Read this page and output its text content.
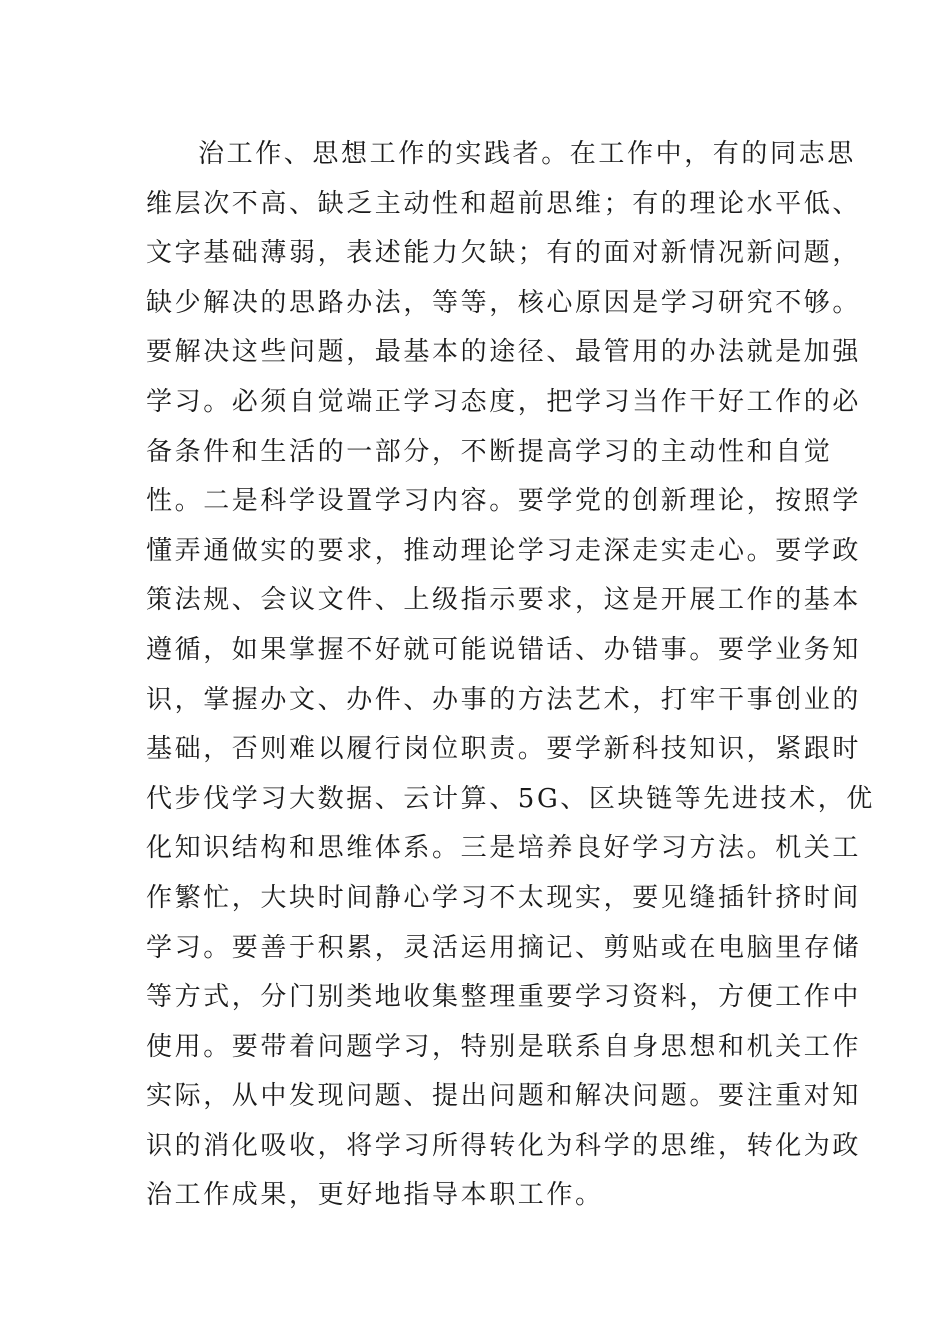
治工作、思想工作的实践者。在工作中，有的同志思
维层次不高、缺乏主动性和超前思维；有的理论水平低、
文字基础薄弱，表述能力欠缺；有的面对新情况新问题，
缺少解决的思路办法，等等，核心原因是学习研究不够。
要解决这些问题，最基本的途径、最管用的办法就是加强
学习。必须自觉端正学习态度，把学习当作干好工作的必
备条件和生活的一部分，不断提高学习的主动性和自觉
性。二是科学设置学习内容。要学党的创新理论，按照学
懂弄通做实的要求，推动理论学习走深走实走心。要学政
策法规、会议文件、上级指示要求，这是开展工作的基本
遵循，如果掌握不好就可能说错话、办错事。要学业务知
识，掌握办文、办件、办事的方法艺术，打牢干事创业的
基础，否则难以履行岗位职责。要学新科技知识，紧跟时
代步伐学习大数据、云计算、5G、区块链等先进技术，优
化知识结构和思维体系。三是培养良好学习方法。机关工
作繁忙，大块时间静心学习不太现实，要见缝插针挤时间
学习。要善于积累，灵活运用摘记、剪贴或在电脑里存储
等方式，分门别类地收集整理重要学习资料，方便工作中
使用。要带着问题学习，特别是联系自身思想和机关工作
实际，从中发现问题、提出问题和解决问题。要注重对知
识的消化吸收，将学习所得转化为科学的思维，转化为政
治工作成果，更好地指导本职工作。
